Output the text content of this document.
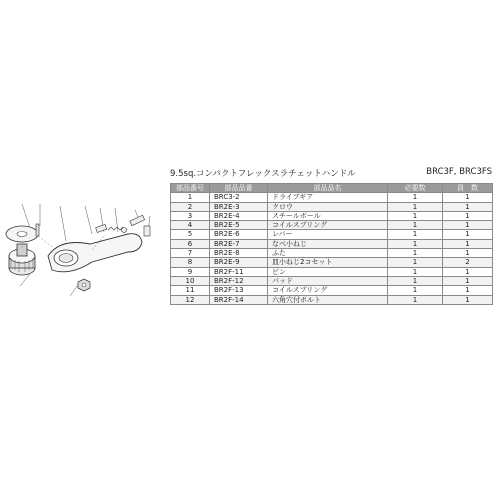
9.5sq.コンパクトフレックスラチェットハンドル	BRC3F, BRC3FS
部品番号	部品品番	部品品名	必要数	員　数
1	BRC3-2	ドライブギア	1	1
2	BR2E-3	クロウ	1	1
3	BR2E-4	スチールボール	1	1
4	BR2E-5	コイルスプリング	1	1
5	BR2E-6	レバー	1	1
6	BR2E-7	なべ小ねじ	1	1
7	BR2E-8	ふた	1	1
8	BR2E-9	皿小ねじ2コセット	1	2
9	BR2F-11	ピン	1	1
10	BR2F-12	パッド	1	1
11	BR2F-13	コイルスプリング	1	1
12	BR2F-14	六角穴付ボルト	1	1
